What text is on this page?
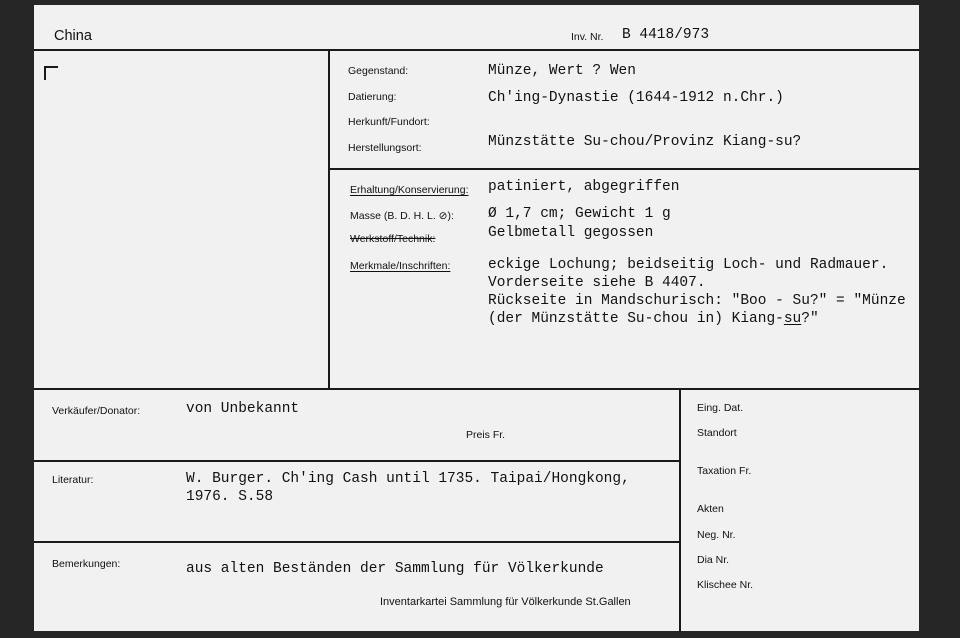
China	Inv. Nr. B 4418/973
Gegenstand:	Münze, Wert ? Wen
Datierung:	Ch'ing-Dynastie (1644-1912 n.Chr.)
Herkunft/Fundort:
Herstellungsort:	Münzstätte Su-chou/Provinz Kiang-su?
Erhaltung/Konservierung: patiniert, abgegriffen
Masse (B. D. H. L. ⊘): Ø 1,7 cm; Gewicht 1 g
Werkstoff/Technik:	Gelbmetall gegossen
Merkmale/Inschriften:	eckige Lochung; beidseitig Loch- und Radmauer.
Vorderseite siehe B 4407.
Rückseite in Mandschurisch: "Boo - Su?" = "Münze
(der Münzstätte Su-chou in) Kiang-su?"
Verkäufer/Donator:	von Unbekannt
Preis Fr.
Literatur:	W. Burger. Ch'ing Cash until 1735. Taipai/Hongkong,
1976. S.58
Bemerkungen:	aus alten Beständen der Sammlung für Völkerkunde
Inventarkartei Sammlung für Völkerkunde St.Gallen
Eing. Dat.
Standort
Taxation Fr.
Akten
Neg. Nr.
Dia Nr.
Klischee Nr.
